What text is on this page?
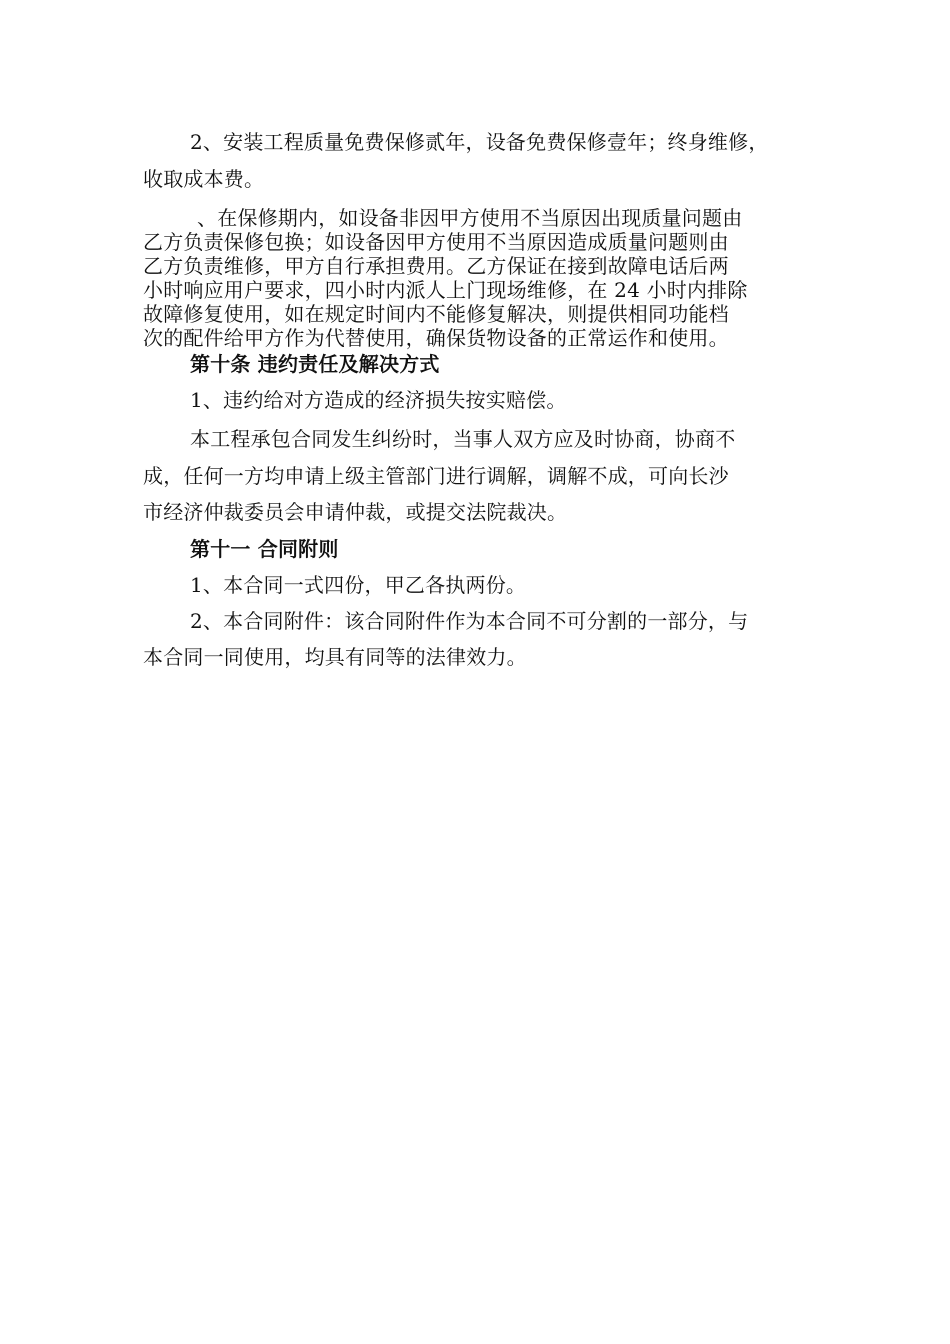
2、安装工程质量免费保修贰年，设备免费保修壹年；终身维修，
收取成本费。
、在保修期内，如设备非因甲方使用不当原因出现质量问题由
乙方负责保修包换；如设备因甲方使用不当原因造成质量问题则由
乙方负责维修，甲方自行承担费用。乙方保证在接到故障电话后两
小时响应用户要求，四小时内派人上门现场维修，在 24 小时内排除
故障修复使用，如在规定时间内不能修复解决，则提供相同功能档
次的配件给甲方作为代替使用，确保货物设备的正常运作和使用。
第十条 违约责任及解决方式
1、违约给对方造成的经济损失按实赔偿。
本工程承包合同发生纠纷时，当事人双方应及时协商，协商不
成，任何一方均申请上级主管部门进行调解，调解不成，可向长沙
市经济仲裁委员会申请仲裁，或提交法院裁决。
第十一 合同附则
1、本合同一式四份，甲乙各执两份。
2、本合同附件：该合同附件作为本合同不可分割的一部分，与
本合同一同使用，均具有同等的法律效力。
